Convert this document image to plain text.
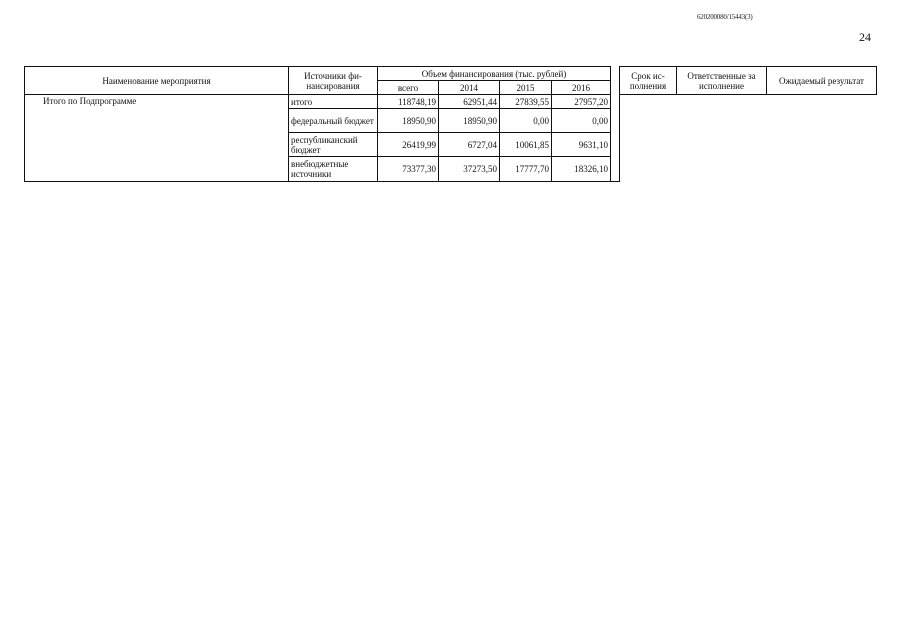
620200080/15443(3)
24
Наименование мероприятия	Источники фи-нансирования	Объем финансирования (тыс. рублей)					Срок ис-полнения	Ответственные за исполнение	Ожидаемый результат
		всего	2014	2015	2016				
Итого по Подпрограмме	итого	118748,19	62951,44	27839,55	27957,20				
	федеральный бюджет	18950,90	18950,90	0,00	0,00				
	республиканский бюджет	26419,99	6727,04	10061,85	9631,10				
	внебюджетные источники	73377,30	37273,50	17777,70	18326,10				
